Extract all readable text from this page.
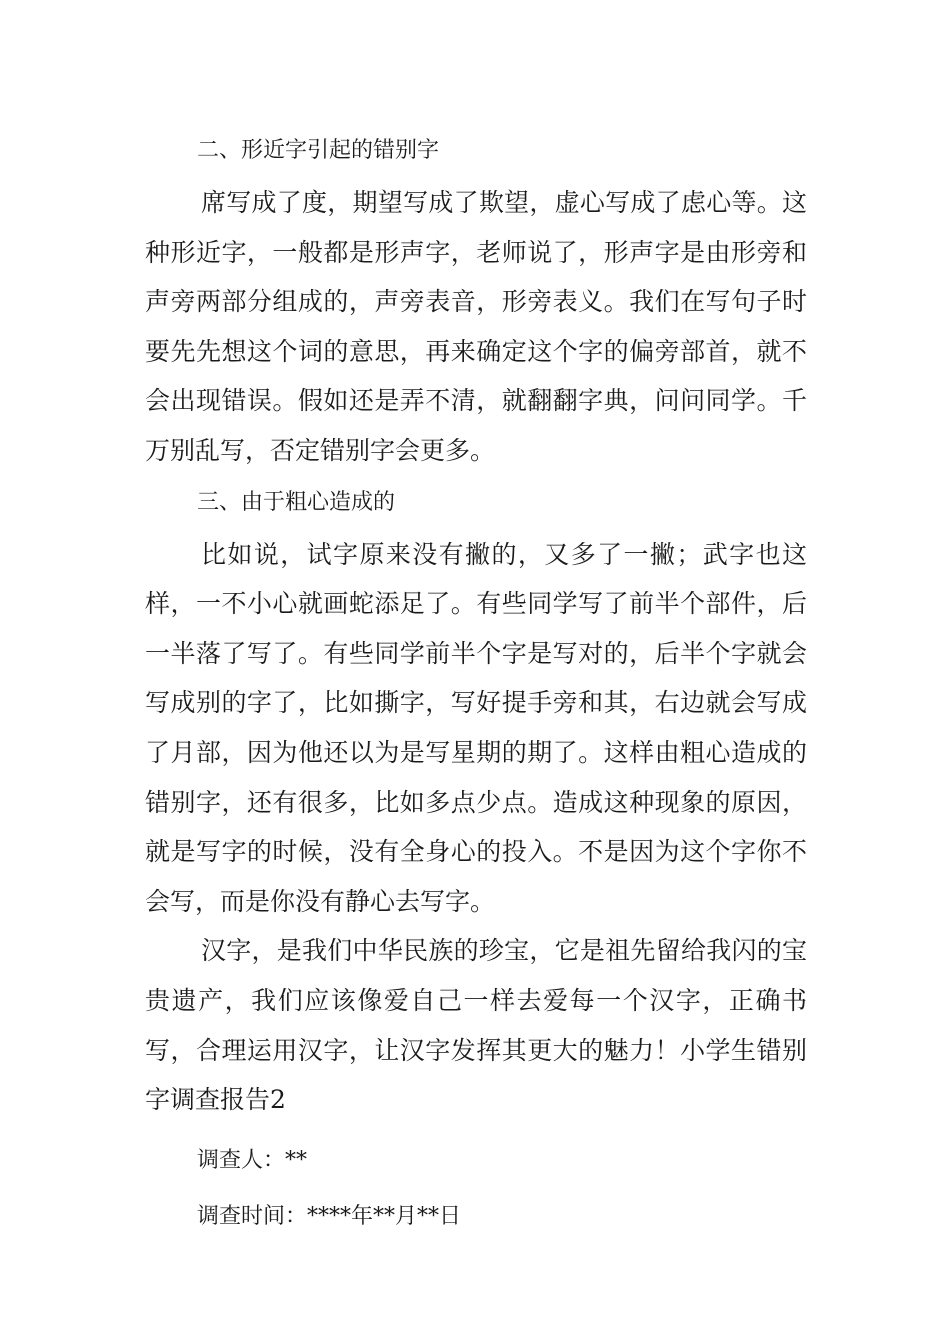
二、形近字引起的错别字

席写成了度，期望写成了欺望，虚心写成了虑心等。这种形近字，一般都是形声字，老师说了，形声字是由形旁和声旁两部分组成的，声旁表音，形旁表义。我们在写句子时要先先想这个词的意思，再来确定这个字的偏旁部首，就不会出现错误。假如还是弄不清，就翻翻字典，问问同学。千万别乱写，否定错别字会更多。

三、由于粗心造成的

比如说，试字原来没有撇的，又多了一撇；武字也这样，一不小心就画蛇添足了。有些同学写了前半个部件，后一半落了写了。有些同学前半个字是写对的，后半个字就会写成别的字了，比如撕字，写好提手旁和其，右边就会写成了月部，因为他还以为是写星期的期了。这样由粗心造成的错别字，还有很多，比如多点少点。造成这种现象的原因，就是写字的时候，没有全身心的投入。不是因为这个字你不会写，而是你没有静心去写字。

汉字，是我们中华民族的珍宝，它是祖先留给我闪的宝贵遗产，我们应该像爱自己一样去爱每一个汉字，正确书写，合理运用汉字，让汉字发挥其更大的魅力！小学生错别字调查报告2

调查人：**

调查时间：****年**月**日
